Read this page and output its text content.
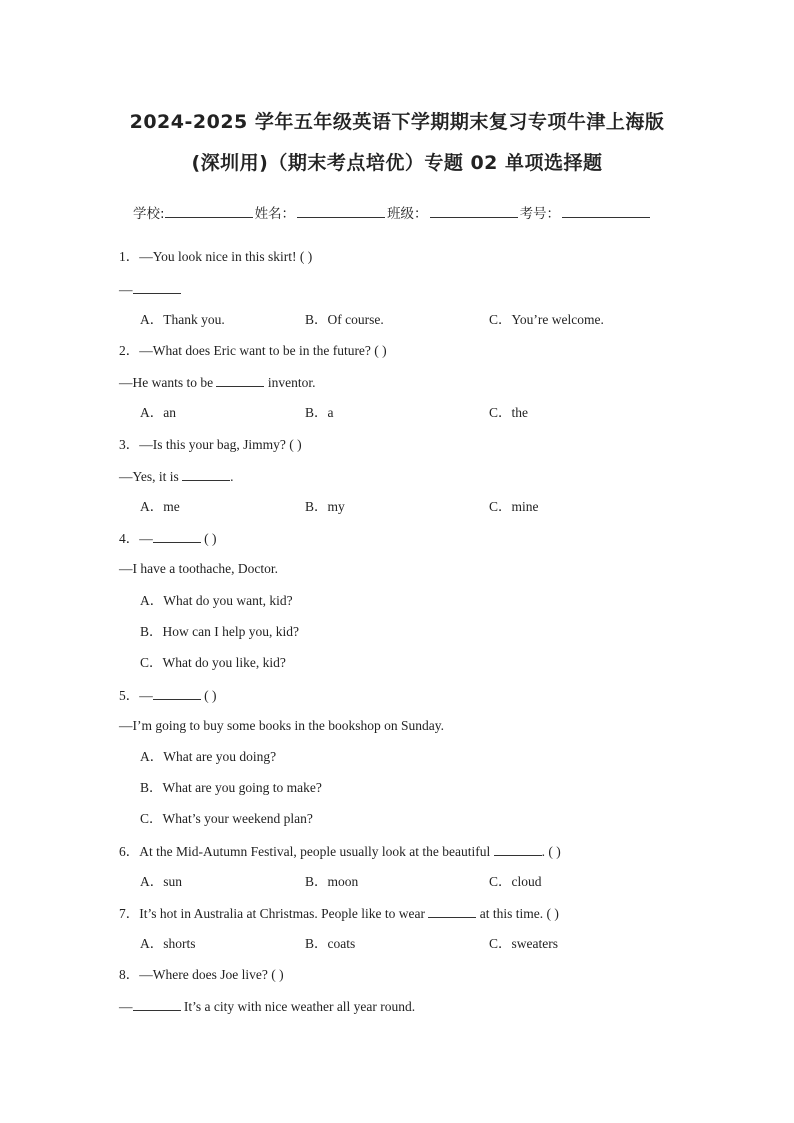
2024-2025 学年五年级英语下学期期末复习专项牛津上海版
(深圳用)（期末考点培优）专题 02 单项选择题
学校:	姓名：	班级：	考号：
1．—You look nice in this skirt! ( )
—
A．Thank you.	B．Of course.	C．You’re welcome.
2．—What does Eric want to be in the future? ( )
—He wants to be	inventor.
A．an	B．a	C．the
3．—Is this your bag, Jimmy? ( )
—Yes, it is	.
A．me	B．my	C．mine
4．—	( )
—I have a toothache, Doctor.
A．What do you want, kid?
B．How can I help you, kid?
C．What do you like, kid?
5．—	( )
—I’m going to buy some books in the bookshop on Sunday.
A．What are you doing?
B．What are you going to make?
C．What’s your weekend plan?
6．At the Mid-Autumn Festival, people usually look at the beautiful	. ( )
A．sun	B．moon	C．cloud
7．It’s hot in Australia at Christmas. People like to wear	at this time. ( )
A．shorts	B．coats	C．sweaters
8．—Where does Joe live? ( )
—	It’s a city with nice weather all year round.
